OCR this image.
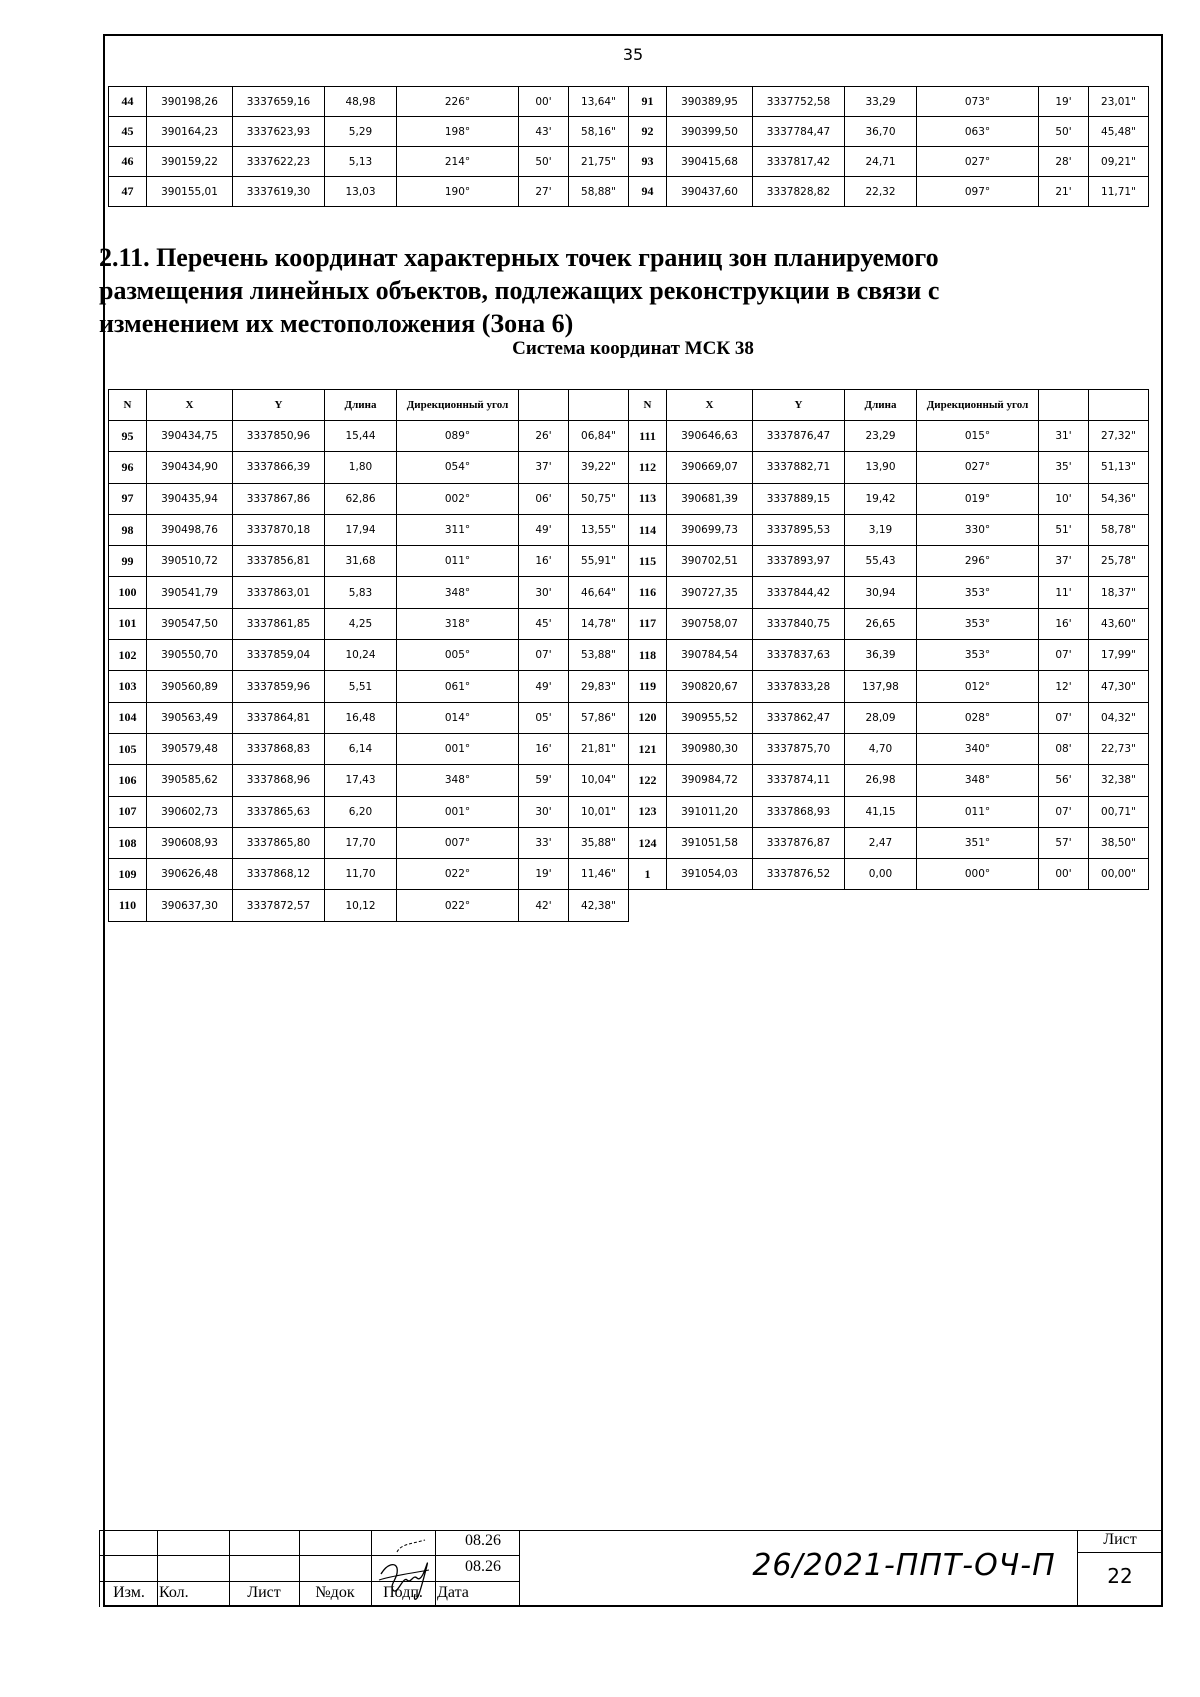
35
44	390198,26	3337659,16	48,98	226°	00'	13,64"	91	390389,95	3337752,58	33,29	073°	19'	23,01"
45	390164,23	3337623,93	5,29	198°	43'	58,16"	92	390399,50	3337784,47	36,70	063°	50'	45,48"
46	390159,22	3337622,23	5,13	214°	50'	21,75"	93	390415,68	3337817,42	24,71	027°	28'	09,21"
47	390155,01	3337619,30	13,03	190°	27'	58,88"	94	390437,60	3337828,82	22,32	097°	21'	11,71"
2.11. Перечень координат характерных точек границ зон планируемого
размещения линейных объектов, подлежащих реконструкции в связи с
изменением их местоположения (Зона 6)
Система координат МСК 38
N	X	Y	Длина	Дирекционный угол			N	X	Y	Длина	Дирекционный угол		
95	390434,75	3337850,96	15,44	089°	26'	06,84"	111	390646,63	3337876,47	23,29	015°	31'	27,32"
96	390434,90	3337866,39	1,80	054°	37'	39,22"	112	390669,07	3337882,71	13,90	027°	35'	51,13"
97	390435,94	3337867,86	62,86	002°	06'	50,75"	113	390681,39	3337889,15	19,42	019°	10'	54,36"
98	390498,76	3337870,18	17,94	311°	49'	13,55"	114	390699,73	3337895,53	3,19	330°	51'	58,78"
99	390510,72	3337856,81	31,68	011°	16'	55,91"	115	390702,51	3337893,97	55,43	296°	37'	25,78"
100	390541,79	3337863,01	5,83	348°	30'	46,64"	116	390727,35	3337844,42	30,94	353°	11'	18,37"
101	390547,50	3337861,85	4,25	318°	45'	14,78"	117	390758,07	3337840,75	26,65	353°	16'	43,60"
102	390550,70	3337859,04	10,24	005°	07'	53,88"	118	390784,54	3337837,63	36,39	353°	07'	17,99"
103	390560,89	3337859,96	5,51	061°	49'	29,83"	119	390820,67	3337833,28	137,98	012°	12'	47,30"
104	390563,49	3337864,81	16,48	014°	05'	57,86"	120	390955,52	3337862,47	28,09	028°	07'	04,32"
105	390579,48	3337868,83	6,14	001°	16'	21,81"	121	390980,30	3337875,70	4,70	340°	08'	22,73"
106	390585,62	3337868,96	17,43	348°	59'	10,04"	122	390984,72	3337874,11	26,98	348°	56'	32,38"
107	390602,73	3337865,63	6,20	001°	30'	10,01"	123	391011,20	3337868,93	41,15	011°	07'	00,71"
108	390608,93	3337865,80	17,70	007°	33'	35,88"	124	391051,58	3337876,87	2,47	351°	57'	38,50"
109	390626,48	3337868,12	11,70	022°	19'	11,46"	1	391054,03	3337876,52	0,00	000°	00'	00,00"
110	390637,30	3337872,57	10,12	022°	42'	42,38"							
08.26
08.26
Изм. Кол.	Лист	№док	Подп. Дата
26/2021-ППТ-ОЧ-П
Лист
22
